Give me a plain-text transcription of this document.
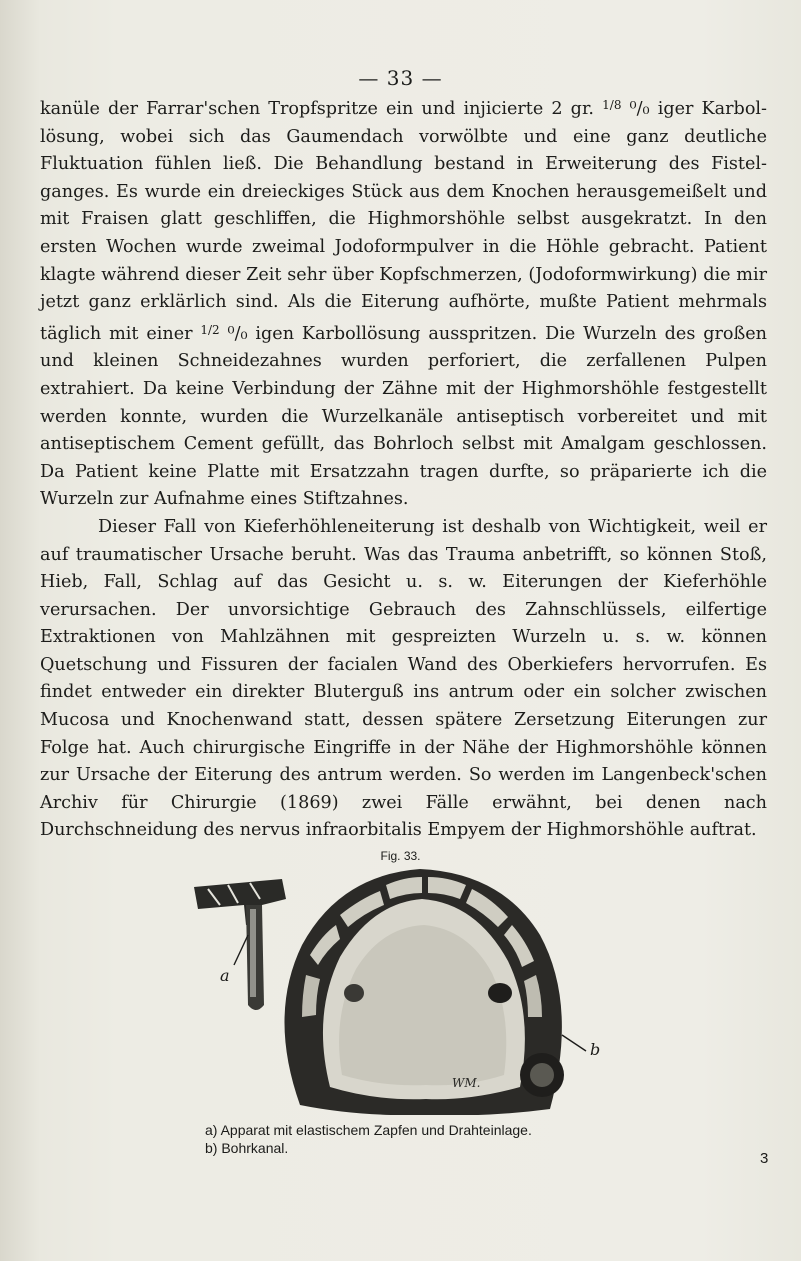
— 33 —

kanüle der Farrar'schen Tropfspritze ein und injicierte 2 gr. $^{1/8}$ ⁰/₀ iger Karbollösung, wobei sich das Gaumendach vorwölbte und eine ganz deutliche Fluktuation fühlen ließ. Die Behandlung bestand in Erweiterung des Fistelganges. Es wurde ein dreieckiges Stück aus dem Knochen herausgemeißelt und mit Fraisen glatt geschliffen, die Highmorshöhle selbst ausgekratzt. In den ersten Wochen wurde zweimal Jodoformpulver in die Höhle gebracht. Patient klagte während dieser Zeit sehr über Kopfschmerzen, (Jodoformwirkung) die mir jetzt ganz erklärlich sind. Als die Eiterung aufhörte, mußte Patient mehrmals täglich mit einer $^{1/2}$ ⁰/₀ igen Karbollösung ausspritzen. Die Wurzeln des großen und kleinen Schneidezahnes wurden perforiert, die zerfallenen Pulpen extrahiert. Da keine Verbindung der Zähne mit der Highmorshöhle festgestellt werden konnte, wurden die Wurzelkanäle antiseptisch vorbereitet und mit antiseptischem Cement gefüllt, das Bohrloch selbst mit Amalgam geschlossen. Da Patient keine Platte mit Ersatzzahn tragen durfte, so präparierte ich die Wurzeln zur Aufnahme eines Stiftzahnes.

Dieser Fall von Kieferhöhleneiterung ist deshalb von Wichtigkeit, weil er auf traumatischer Ursache beruht. Was das Trauma anbetrifft, so können Stoß, Hieb, Fall, Schlag auf das Gesicht u. s. w. Eiterungen der Kieferhöhle verursachen. Der unvorsichtige Gebrauch des Zahnschlüssels, eilfertige Extraktionen von Mahlzähnen mit gespreizten Wurzeln u. s. w. können Quetschung und Fissuren der facialen Wand des Oberkiefers hervorrufen. Es findet entweder ein direkter Bluterguß ins antrum oder ein solcher zwischen Mucosa und Knochenwand statt, dessen spätere Zersetzung Eiterungen zur Folge hat. Auch chirurgische Eingriffe in der Nähe der Highmorshöhle können zur Ursache der Eiterung des antrum werden. So werden im Langenbeck'schen Archiv für Chirurgie (1869) zwei Fälle erwähnt, bei denen nach Durchschneidung des nervus infraorbitalis Empyem der Highmorshöhle auftrat.

Fig. 33.
a
b
WM.
a) Apparat mit elastischem Zapfen und Drahteinlage.
b) Bohrkanal.
3
